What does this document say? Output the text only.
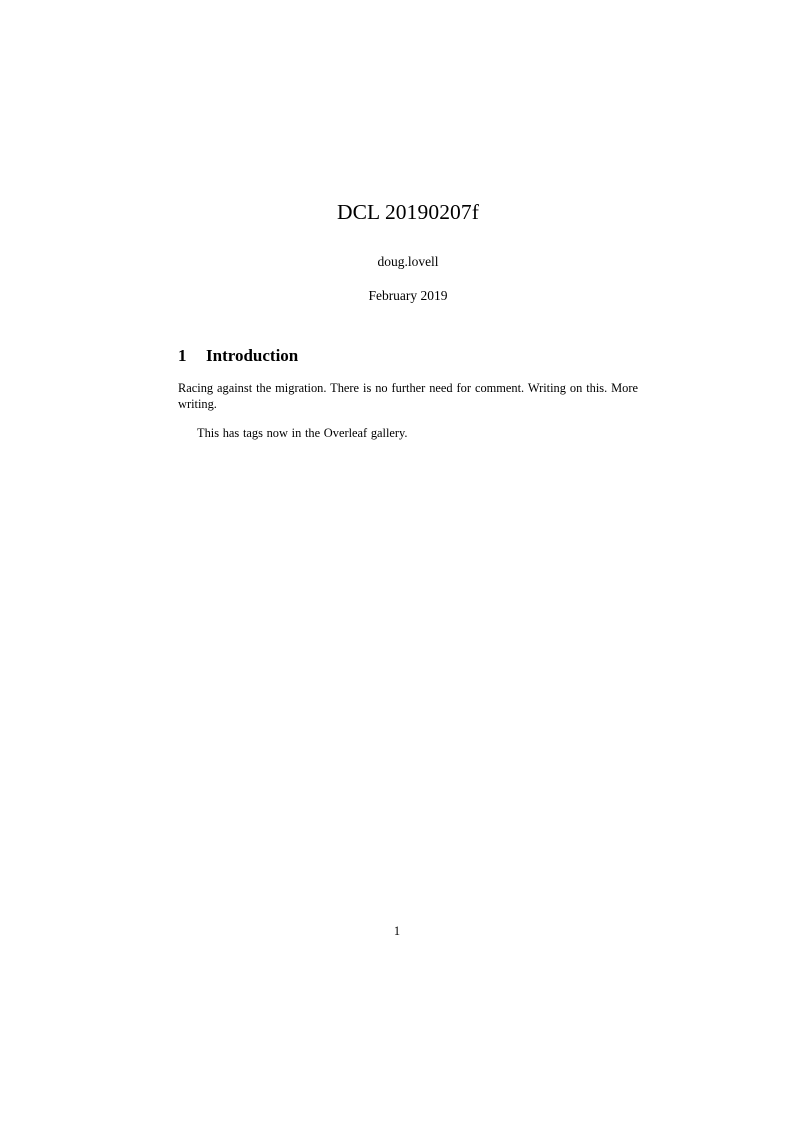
DCL 20190207f
doug.lovell
February 2019
1 Introduction

Racing against the migration. There is no further need for comment. Writing on this. More writing.

This has tags now in the Overleaf gallery.

1
